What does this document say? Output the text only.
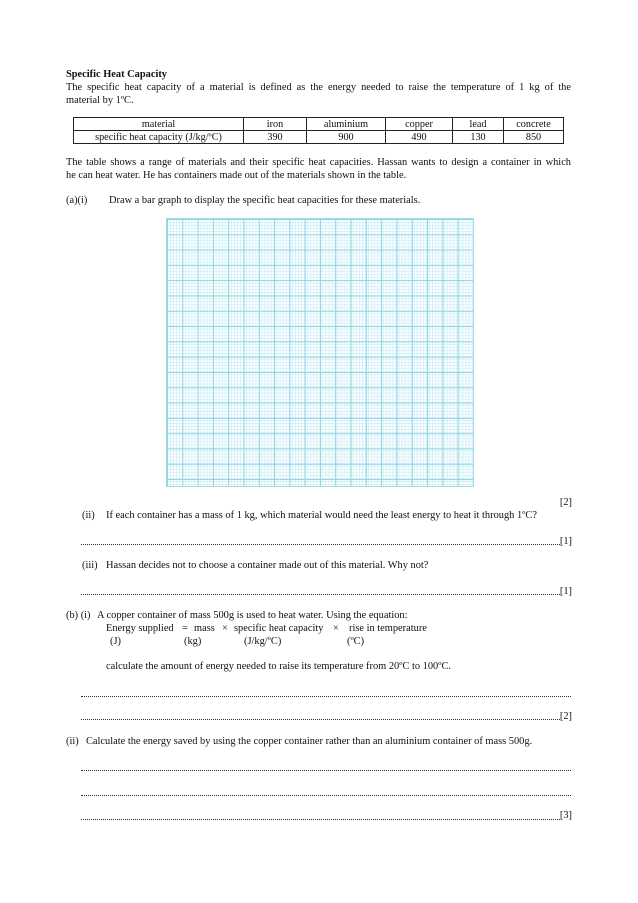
Specific Heat Capacity
The specific heat capacity of a material is defined as the energy needed to raise the temperature of 1 kg of the
material by 1ºC.
material	iron	aluminium	copper	lead	concrete
specific heat capacity (J/kg/ºC)	390	900	490	130	850
The table shows a range of materials and their specific heat capacities. Hassan wants to design a container in which
he can heat water. He has containers made out of the materials shown in the table.
(a)(i) Draw a bar graph to display the specific heat capacities for these materials.
[2]
(ii) If each container has a mass of 1 kg, which material would need the least energy to heat it through 1ºC?
[1]
(iii) Hassan decides not to choose a container made out of this material. Why not?
[1]
(b) (i) A copper container of mass 500g is used to heat water. Using the equation:
Energy supplied = mass × specific heat capacity × rise in temperature
(J)	(kg)	(J/kg/ºC)	(ºC)
calculate the amount of energy needed to raise its temperature from 20ºC to 100ºC.
[2]
(ii) Calculate the energy saved by using the copper container rather than an aluminium container of mass 500g.
[3]
